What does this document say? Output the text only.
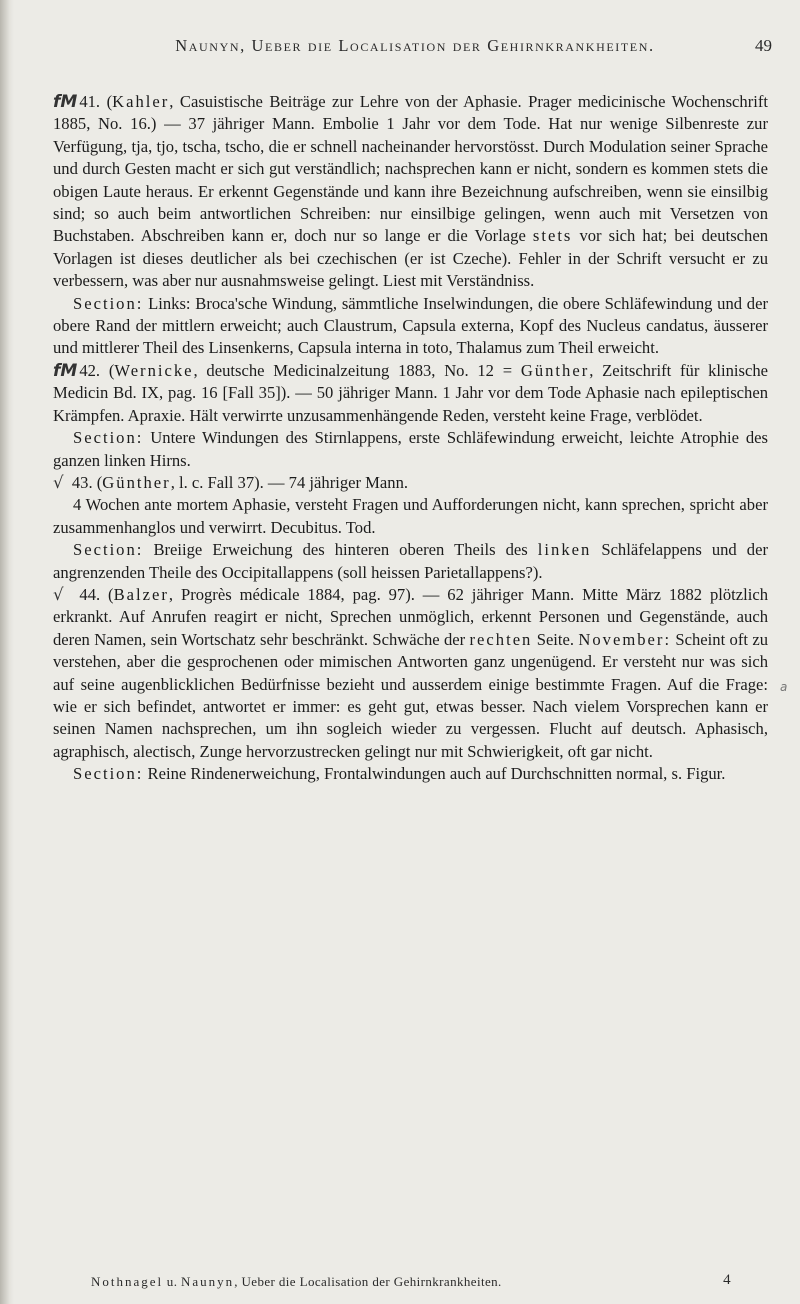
Naunyn, Ueber die Localisation der Gehirnkrankheiten.	49

fM 41. (Kahler, Casuistische Beiträge zur Lehre von der Aphasie. Prager medicinische Wochenschrift 1885, No. 16.) — 37 jähriger Mann. Embolie 1 Jahr vor dem Tode. Hat nur wenige Silbenreste zur Verfügung, tja, tjo, tscha, tscho, die er schnell nacheinander hervorstösst. Durch Modulation seiner Sprache und durch Gesten macht er sich gut verständlich; nachsprechen kann er nicht, sondern es kommen stets die obigen Laute heraus. Er erkennt Gegenstände und kann ihre Bezeichnung aufschreiben, wenn sie einsilbig sind; so auch beim antwortlichen Schreiben: nur einsilbige gelingen, wenn auch mit Versetzen von Buchstaben. Abschreiben kann er, doch nur so lange er die Vorlage stets vor sich hat; bei deutschen Vorlagen ist dieses deutlicher als bei czechischen (er ist Czeche). Fehler in der Schrift versucht er zu verbessern, was aber nur ausnahmsweise gelingt. Liest mit Verständniss.

Section: Links: Broca'sche Windung, sämmtliche Inselwindungen, die obere Schläfewindung und der obere Rand der mittlern erweicht; auch Claustrum, Capsula externa, Kopf des Nucleus candatus, äusserer und mittlerer Theil des Linsenkerns, Capsula interna in toto, Thalamus zum Theil erweicht.

fM 42. (Wernicke, deutsche Medicinalzeitung 1883, No. 12 = Günther, Zeitschrift für klinische Medicin Bd. IX, pag. 16 [Fall 35]). — 50 jähriger Mann. 1 Jahr vor dem Tode Aphasie nach epileptischen Krämpfen. Apraxie. Hält verwirrte unzusammenhängende Reden, versteht keine Frage, verblödet.

Section: Untere Windungen des Stirnlappens, erste Schläfewindung erweicht, leichte Atrophie des ganzen linken Hirns.

√ 43. (Günther, l. c. Fall 37). — 74 jähriger Mann.

4 Wochen ante mortem Aphasie, versteht Fragen und Aufforderungen nicht, kann sprechen, spricht aber zusammenhanglos und verwirrt. Decubitus. Tod.

Section: Breiige Erweichung des hinteren oberen Theils des linken Schläfelappens und der angrenzenden Theile des Occipitallappens (soll heissen Parietallappens?).

√ 44. (Balzer, Progrès médicale 1884, pag. 97). — 62 jähriger Mann. Mitte März 1882 plötzlich erkrankt. Auf Anrufen reagirt er nicht, Sprechen unmöglich, erkennt Personen und Gegenstände, auch deren Namen, sein Wortschatz sehr beschränkt. Schwäche der rechten Seite. November: Scheint oft zu verstehen, aber die gesprochenen oder mimischen Antworten ganz ungenügend. Er versteht nur was sich auf seine augenblicklichen Bedürfnisse bezieht und ausserdem einige bestimmte Fragen. Auf die Frage: wie er sich befindet, antwortet er immer: es geht gut, etwas besser. Nach vielem Vorsprechen kann er seinen Namen nachsprechen, um ihn sogleich wieder zu vergessen. Flucht auf deutsch. Aphasisch, agraphisch, alectisch, Zunge hervorzustrecken gelingt nur mit Schwierigkeit, oft gar nicht.

Section: Reine Rindenerweichung, Frontalwindungen auch auf Durchschnitten normal, s. Figur.

a
Nothnagel u. Naunyn, Ueber die Localisation der Gehirnkrankheiten.	4
